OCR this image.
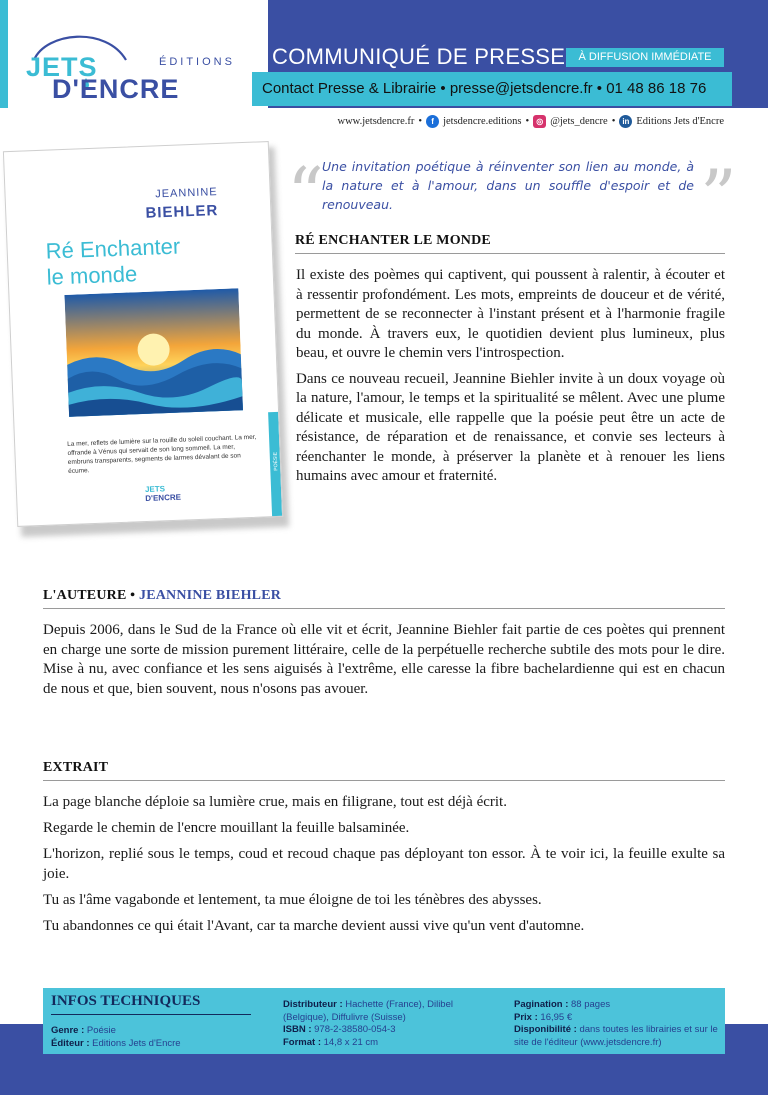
JETS	ÉDITIONS
D'ENCRE
COMMUNIQUÉ DE PRESSE	À DIFFUSION IMMÉDIATE
Contact Presse & Librairie • presse@jetsdencre.fr • 01 48 86 18 76
www.jetsdencre.fr •	f jetsdencre.editions • ◎ @jets_dencre • in Editions Jets d'Encre
JEANNINE
BIEHLER
Ré Enchanter
le monde
La mer, reflets de lumière sur la rouille du soleil couchant. La mer, offrande à Vénus qui servait de son long sommeil. La mer, embruns transparents, segments de larmes dévalant de son écume.
JETS
D'ENCRE
POÉSIE
“
Une invitation poétique à réinventer son lien au monde, à la nature et à l'amour, dans un souffle d'espoir et de renouveau.	”
RÉ ENCHANTER LE MONDE

Il existe des poèmes qui captivent, qui poussent à ralentir, à écouter et à ressentir profondément. Les mots, empreints de douceur et de vérité, permettent de se reconnecter à l'instant présent et à l'harmonie fragile du monde. À travers eux, le quotidien devient plus lumineux, plus beau, et ouvre le chemin vers l'introspection.

Dans ce nouveau recueil, Jeannine Biehler invite à un doux voyage où la nature, l'amour, le temps et la spiritualité se mêlent. Avec une plume délicate et musicale, elle rappelle que la poésie peut être un acte de résistance, de réparation et de renaissance, et convie ses lecteurs à réenchanter le monde, à préserver la planète et à renouer les liens humains avec amour et fraternité.

L'AUTEURE • JEANNINE BIEHLER
Depuis 2006, dans le Sud de la France où elle vit et écrit, Jeannine Biehler fait partie de ces poètes qui prennent en charge une sorte de mission purement littéraire, celle de la perpétuelle recherche subtile des mots pour le dire. Mise à nu, avec confiance et les sens aiguisés à l'extrême, elle caresse la fibre bachelardienne qui est en chacun de nous et que, bien souvent, nous n'osons pas avouer.
EXTRAIT

La page blanche déploie sa lumière crue, mais en filigrane, tout est déjà écrit.

Regarde le chemin de l'encre mouillant la feuille balsaminée.

L'horizon, replié sous le temps, coud et recoud chaque pas déployant ton essor. À te voir ici, la feuille exulte sa joie.

Tu as l'âme vagabonde et lentement, ta mue éloigne de toi les ténèbres des abysses.

Tu abandonnes ce qui était l'Avant, car ta marche devient aussi vive qu'un vent d'automne.

INFOS TECHNIQUES
Genre : Poésie
Éditeur : Editions Jets d'Encre
Distributeur : Hachette (France), Dilibel (Belgique), Diffulivre (Suisse)
ISBN : 978-2-38580-054-3
Format : 14,8 x 21 cm
Pagination : 88 pages
Prix : 16,95 €
Disponibilité : dans toutes les librairies et sur le site de l'éditeur (www.jetsdencre.fr)
